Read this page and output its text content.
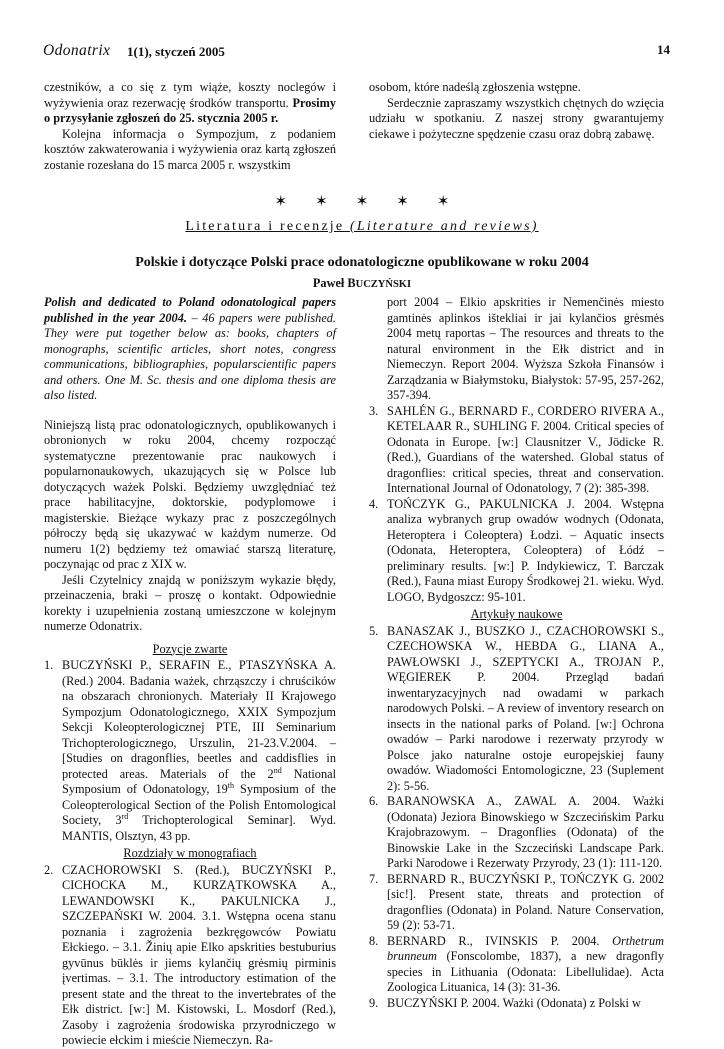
Odonatrix 1(1), styczeń 2005	14

czestników, a co się z tym wiąże, koszty noclegów i wyżywienia oraz rezerwację środków transportu. Prosimy o przysyłanie zgłoszeń do 25. stycznia 2005 r.

Kolejna informacja o Sympozjum, z podaniem kosztów zakwaterowania i wyżywienia oraz kartą zgłoszeń zostanie rozesłana do 15 marca 2005 r. wszystkim

osobom, które nadeślą zgłoszenia wstępne.

Serdecznie zapraszamy wszystkich chętnych do wzięcia udziału w spotkaniu. Z naszej strony gwarantujemy ciekawe i pożyteczne spędzenie czasu oraz dobrą zabawę.

✶ ✶ ✶ ✶ ✶
Literatura i recenzje (Literature and reviews)
Polskie i dotyczące Polski prace odonatologiczne opublikowane w roku 2004
Paweł BUCZYŃSKI

Polish and dedicated to Poland odonatological papers published in the year 2004. – 46 papers were published. They were put together below as: books, chapters of monographs, scientific articles, short notes, congress communications, bibliographies, popularscientific papers and others. One M. Sc. thesis and one diploma thesis are also listed.

Niniejszą listą prac odonatologicznych, opublikowanych i obronionych w roku 2004, chcemy rozpocząć systematyczne prezentowanie prac naukowych i popularnonaukowych, ukazujących się w Polsce lub dotyczących ważek Polski. Będziemy uwzględniać też prace habilitacyjne, doktorskie, podyplomowe i magisterskie. Bieżące wykazy prac z poszczególnych półroczy będą się ukazywać w każdym numerze. Od numeru 1(2) będziemy też omawiać starszą literaturę, poczynając od prac z XIX w.

Jeśli Czytelnicy znajdą w poniższym wykazie błędy, przeinaczenia, braki – proszę o kontakt. Odpowiednie korekty i uzupełnienia zostaną umieszczone w kolejnym numerze Odonatrix.

Pozycje zwarte
1. BUCZYŃSKI P., SERAFIN E., PTASZYŃSKA A. (Red.) 2004. Badania ważek, chrząszczy i chruścików na obszarach chronionych. Materiały II Krajowego Sympozjum Odonatologicznego, XXIX Sympozjum Sekcji Koleopterologicznej PTE, III Seminarium Trichopterologicznego, Urszulin, 21-23.V.2004. – [Studies on dragonflies, beetles and caddisflies in protected areas. Materials of the 2nd National Symposium of Odonatology, 19th Symposium of the Coleopterological Section of the Polish Entomological Society, 3rd Trichopterological Seminar]. Wyd. MANTIS, Olsztyn, 43 pp.
Rozdziały w monografiach
2. CZACHOROWSKI S. (Red.), BUCZYŃSKI P., CICHOCKA M., KURZĄTKOWSKA A., LEWANDOWSKI K., PAKULNICKA J., SZCZEPAŃSKI W. 2004. 3.1. Wstępna ocena stanu poznania i zagrożenia bezkręgowców Powiatu Ełckiego. – 3.1. Žinių apie Elko apskrities bestuburius gyvūnus būklės ir jiems kylančių grėsmių pirminis įvertimas. – 3.1. The introductory estimation of the present state and the threat to the invertebrates of the Ełk district. [w:] M. Kistowski, L. Mosdorf (Red.), Zasoby i zagrożenia środowiska przyrodniczego w powiecie ełckim i mieście Niemeczyn. Ra-
port 2004 – Elkio apskrities ir Nemenčinės miesto gamtinės aplinkos ištekliai ir jai kylančios grėsmės 2004 metų raportas – The resources and threats to the natural environment in the Ełk district and in Niemeczyn. Report 2004. Wyższa Szkoła Finansów i Zarządzania w Białymstoku, Białystok: 57-95, 257-262, 357-394.
3. SAHLÉN G., BERNARD F., CORDERO RIVERA A., KETELAAR R., SUHLING F. 2004. Critical species of Odonata in Europe. [w:] Clausnitzer V., Jödicke R. (Red.), Guardians of the watershed. Global status of dragonflies: critical species, threat and conservation. International Journal of Odonatology, 7 (2): 385-398.
4. TOŃCZYK G., PAKULNICKA J. 2004. Wstępna analiza wybranych grup owadów wodnych (Odonata, Heteroptera i Coleoptera) Łodzi. – Aquatic insects (Odonata, Heteroptera, Coleoptera) of Łódź – preliminary results. [w:] P. Indykiewicz, T. Barczak (Red.), Fauna miast Europy Środkowej 21. wieku. Wyd. LOGO, Bydgoszcz: 95-101.
Artykuły naukowe
5. BANASZAK J., BUSZKO J., CZACHOROWSKI S., CZECHOWSKA W., HEBDA G., LIANA A., PAWŁOWSKI J., SZEPTYCKI A., TROJAN P., WĘGIEREK P. 2004. Przegląd badań inwentaryzacyjnych nad owadami w parkach narodowych Polski. – A review of inventory research on insects in the national parks of Poland. [w:] Ochrona owadów – Parki narodowe i rezerwaty przyrody w Polsce jako naturalne ostoje europejskiej fauny owadów. Wiadomości Entomologiczne, 23 (Suplement 2): 5-56.
6. BARANOWSKA A., ZAWAL A. 2004. Ważki (Odonata) Jeziora Binowskiego w Szczecińskim Parku Krajobrazowym. – Dragonflies (Odonata) of the Binowskie Lake in the Szczeciński Landscape Park. Parki Narodowe i Rezerwaty Przyrody, 23 (1): 111-120.
7. BERNARD R., BUCZYŃSKI P., TOŃCZYK G. 2002 [sic!]. Present state, threats and protection of dragonflies (Odonata) in Poland. Nature Conservation, 59 (2): 53-71.
8. BERNARD R., IVINSKIS P. 2004. Orthetrum brunneum (Fonscolombe, 1837), a new dragonfly species in Lithuania (Odonata: Libellulidae). Acta Zoologica Lituanica, 14 (3): 31-36.
9. BUCZYŃSKI P. 2004. Ważki (Odonata) z Polski w
